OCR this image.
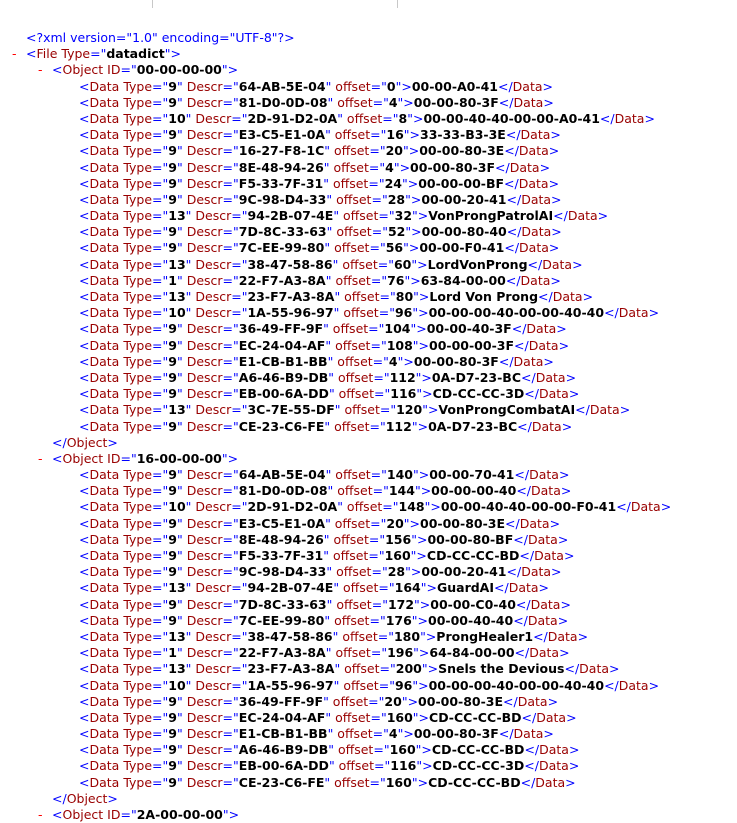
<?xml version="1.0" encoding="UTF-8"?>
- <File Type="datadict">
- <Object ID="00-00-00-00">
<Data Type="9" Descr="64-AB-5E-04" offset="0">00-00-A0-41</Data>
<Data Type="9" Descr="81-D0-0D-08" offset="4">00-00-80-3F</Data>
<Data Type="10" Descr="2D-91-D2-0A" offset="8">00-00-40-40-00-00-A0-41</Data>
<Data Type="9" Descr="E3-C5-E1-0A" offset="16">33-33-B3-3E</Data>
<Data Type="9" Descr="16-27-F8-1C" offset="20">00-00-80-3E</Data>
<Data Type="9" Descr="8E-48-94-26" offset="4">00-00-80-3F</Data>
<Data Type="9" Descr="F5-33-7F-31" offset="24">00-00-00-BF</Data>
<Data Type="9" Descr="9C-98-D4-33" offset="28">00-00-20-41</Data>
<Data Type="13" Descr="94-2B-07-4E" offset="32">VonProngPatrolAI</Data>
<Data Type="9" Descr="7D-8C-33-63" offset="52">00-00-80-40</Data>
<Data Type="9" Descr="7C-EE-99-80" offset="56">00-00-F0-41</Data>
<Data Type="13" Descr="38-47-58-86" offset="60">LordVonProng</Data>
<Data Type="1" Descr="22-F7-A3-8A" offset="76">63-84-00-00</Data>
<Data Type="13" Descr="23-F7-A3-8A" offset="80">Lord Von Prong</Data>
<Data Type="10" Descr="1A-55-96-97" offset="96">00-00-00-40-00-00-40-40</Data>
<Data Type="9" Descr="36-49-FF-9F" offset="104">00-00-40-3F</Data>
<Data Type="9" Descr="EC-24-04-AF" offset="108">00-00-00-3F</Data>
<Data Type="9" Descr="E1-CB-B1-BB" offset="4">00-00-80-3F</Data>
<Data Type="9" Descr="A6-46-B9-DB" offset="112">0A-D7-23-BC</Data>
<Data Type="9" Descr="EB-00-6A-DD" offset="116">CD-CC-CC-3D</Data>
<Data Type="13" Descr="3C-7E-55-DF" offset="120">VonProngCombatAI</Data>
<Data Type="9" Descr="CE-23-C6-FE" offset="112">0A-D7-23-BC</Data>
</Object>
- <Object ID="16-00-00-00">
<Data Type="9" Descr="64-AB-5E-04" offset="140">00-00-70-41</Data>
<Data Type="9" Descr="81-D0-0D-08" offset="144">00-00-00-40</Data>
<Data Type="10" Descr="2D-91-D2-0A" offset="148">00-00-40-40-00-00-F0-41</Data>
<Data Type="9" Descr="E3-C5-E1-0A" offset="20">00-00-80-3E</Data>
<Data Type="9" Descr="8E-48-94-26" offset="156">00-00-80-BF</Data>
<Data Type="9" Descr="F5-33-7F-31" offset="160">CD-CC-CC-BD</Data>
<Data Type="9" Descr="9C-98-D4-33" offset="28">00-00-20-41</Data>
<Data Type="13" Descr="94-2B-07-4E" offset="164">GuardAI</Data>
<Data Type="9" Descr="7D-8C-33-63" offset="172">00-00-C0-40</Data>
<Data Type="9" Descr="7C-EE-99-80" offset="176">00-00-40-40</Data>
<Data Type="13" Descr="38-47-58-86" offset="180">ProngHealer1</Data>
<Data Type="1" Descr="22-F7-A3-8A" offset="196">64-84-00-00</Data>
<Data Type="13" Descr="23-F7-A3-8A" offset="200">Snels the Devious</Data>
<Data Type="10" Descr="1A-55-96-97" offset="96">00-00-00-40-00-00-40-40</Data>
<Data Type="9" Descr="36-49-FF-9F" offset="20">00-00-80-3E</Data>
<Data Type="9" Descr="EC-24-04-AF" offset="160">CD-CC-CC-BD</Data>
<Data Type="9" Descr="E1-CB-B1-BB" offset="4">00-00-80-3F</Data>
<Data Type="9" Descr="A6-46-B9-DB" offset="160">CD-CC-CC-BD</Data>
<Data Type="9" Descr="EB-00-6A-DD" offset="116">CD-CC-CC-3D</Data>
<Data Type="9" Descr="CE-23-C6-FE" offset="160">CD-CC-CC-BD</Data>
</Object>
- <Object ID="2A-00-00-00">
